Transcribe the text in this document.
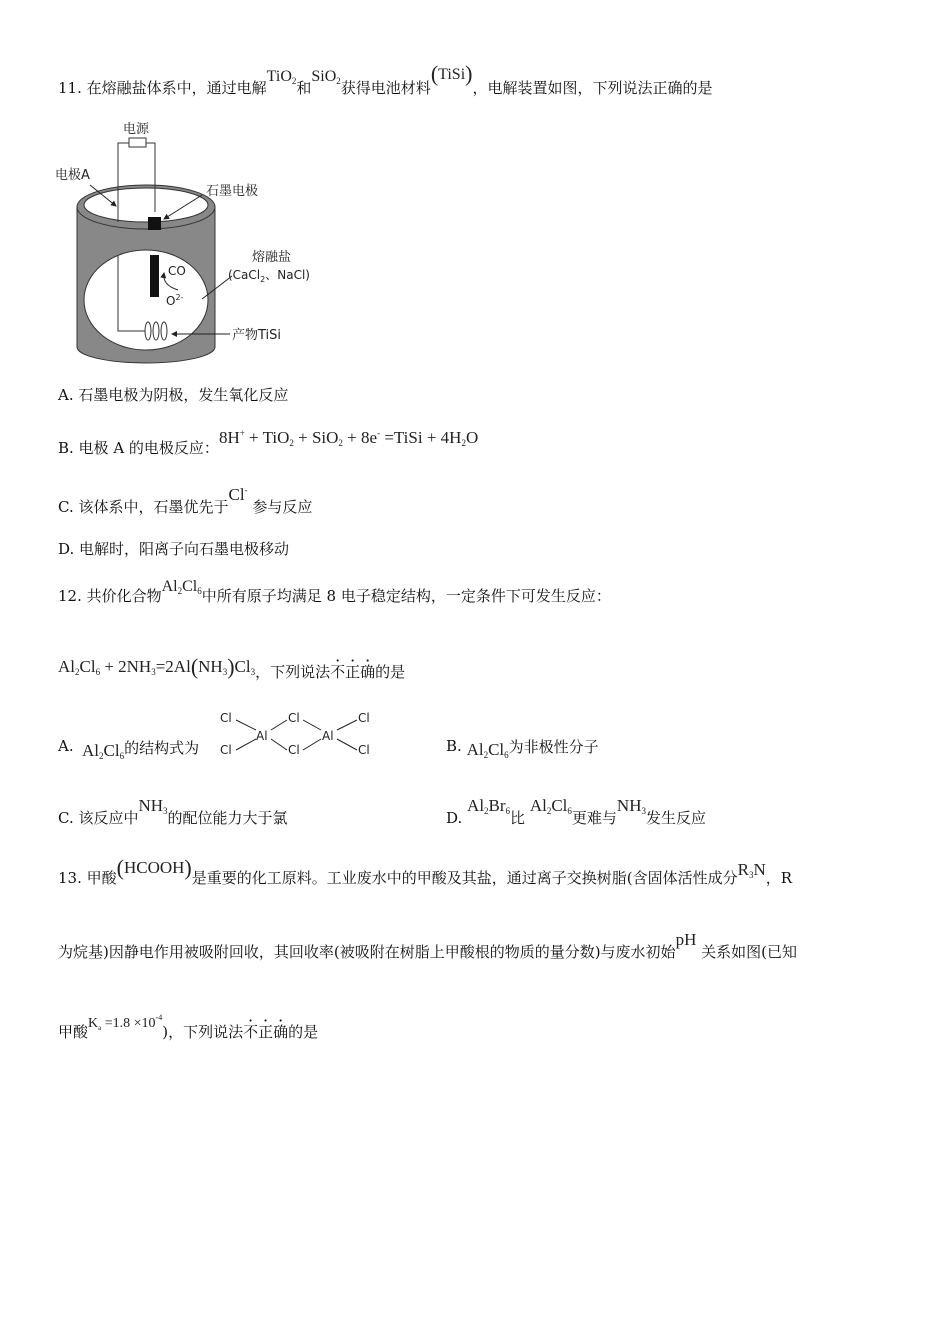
11. 在熔融盐体系中，通过电解TiO$_2$和SiO$_2$获得电池材料(TiSi)，电解装置如图，下列说法正确的是
电源
电极A
石墨电极
熔融盐
(CaCl$_2$、NaCl)
CO
$O^{2-}$
产物TiSi
A. 石墨电极为阴极，发生氧化反应
B. 电极 A 的电极反应：8H+ + TiO$_2$ + SiO$_2$ + 8e- =TiSi + $4H_2O$
C. 该体系中，石墨优先于Cl- 参与反应
D. 电解时，阳离子向石墨电极移动
12. 共价化合物$Al_2Cl_6$中所有原子均满足 8 电子稳定结构，一定条件下可发生反应：
$Al_2Cl_6 + 2NH_3=2Al(NH_3)Cl_3$，下列说法不正确的是
A. $Al_2Cl_6$的结构式为
Cl
Cl
Al
Cl
Cl
Al
Cl
Cl	B. $Al_2Cl_6$为非极性分子
C. 该反应中$NH_3$的配位能力大于氯	D. $Al_2Br_6$比 $Al_2Cl_6$更难与$NH_3$发生反应
13. 甲酸(HCOOH)是重要的化工原料。工业废水中的甲酸及其盐，通过离子交换树脂(含固体活性成分$R_3N$，R
为烷基)因静电作用被吸附回收，其回收率(被吸附在树脂上甲酸根的物质的量分数)与废水初始pH 关系如图(已知
甲酸$K_a =1.8 \times 10^{-4}$)，下列说法不正确的是
